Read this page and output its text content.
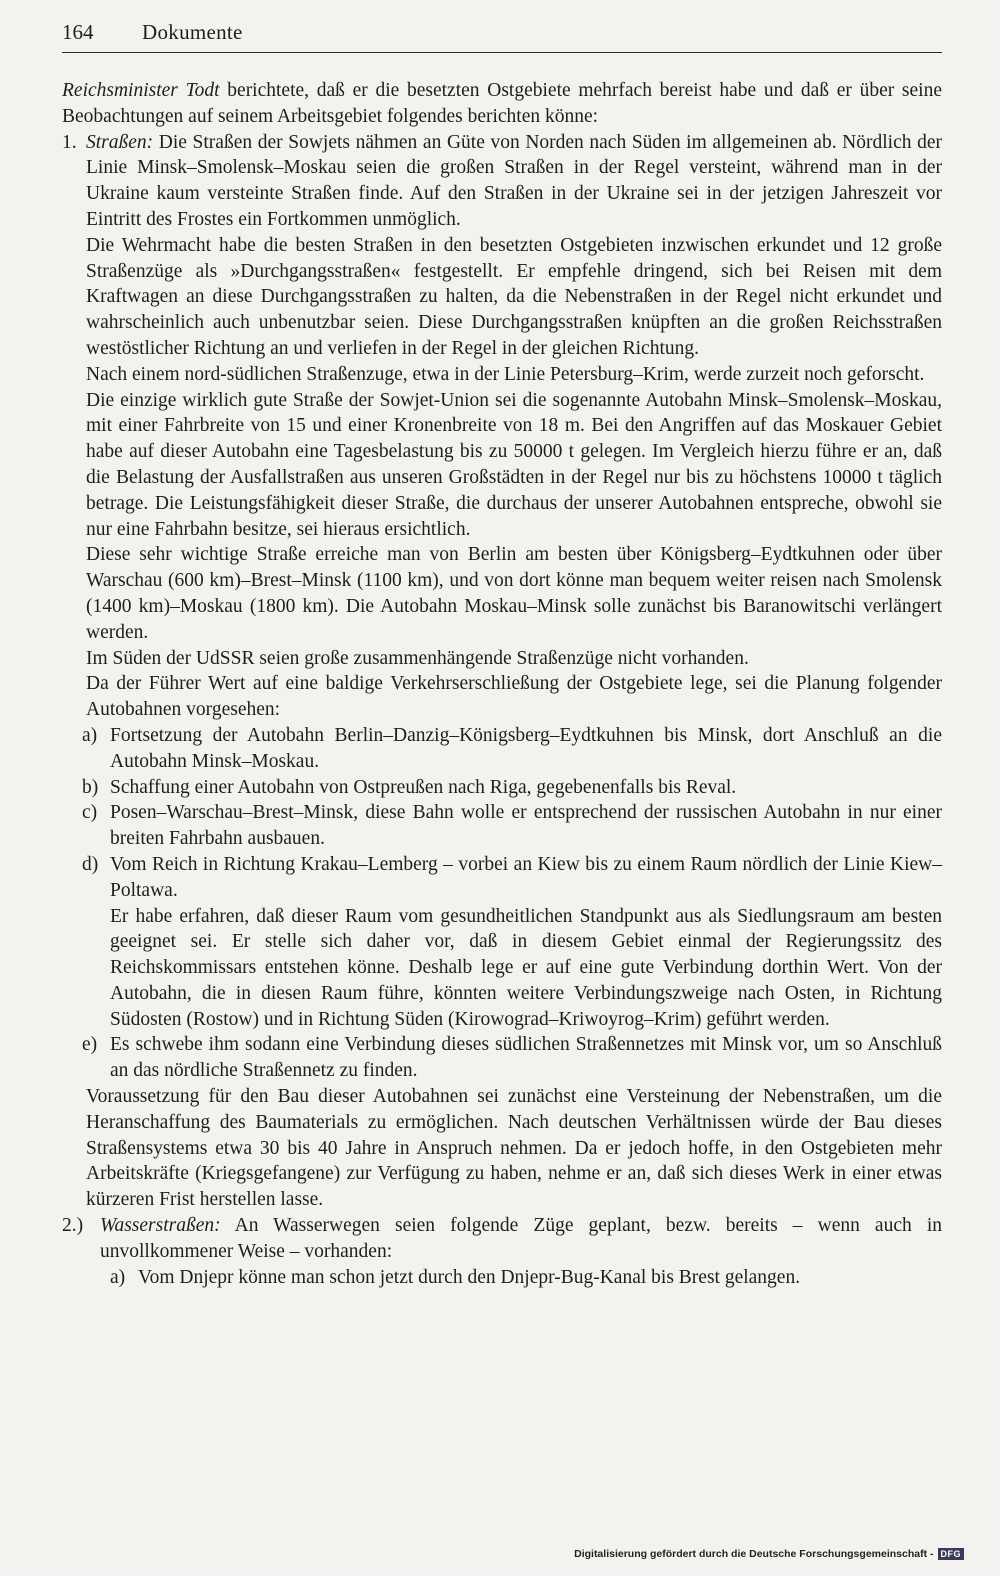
164 Dokumente

Reichsminister Todt berichtete, daß er die besetzten Ostgebiete mehrfach bereist habe und daß er über seine Beobachtungen auf seinem Arbeitsgebiet folgendes berichten könne:

1. Straßen: Die Straßen der Sowjets nähmen an Güte von Norden nach Süden im allgemeinen ab. Nördlich der Linie Minsk–Smolensk–Moskau seien die großen Straßen in der Regel versteint, während man in der Ukraine kaum versteinte Straßen finde. Auf den Straßen in der Ukraine sei in der jetzigen Jahreszeit vor Eintritt des Frostes ein Fortkommen unmöglich.

Die Wehrmacht habe die besten Straßen in den besetzten Ostgebieten inzwischen erkundet und 12 große Straßenzüge als »Durchgangsstraßen« festgestellt. Er empfehle dringend, sich bei Reisen mit dem Kraftwagen an diese Durchgangsstraßen zu halten, da die Nebenstraßen in der Regel nicht erkundet und wahrscheinlich auch unbenutzbar seien. Diese Durchgangsstraßen knüpften an die großen Reichsstraßen westöstlicher Richtung an und verliefen in der Regel in der gleichen Richtung.

Nach einem nord-südlichen Straßenzuge, etwa in der Linie Petersburg–Krim, werde zurzeit noch geforscht.

Die einzige wirklich gute Straße der Sowjet-Union sei die sogenannte Autobahn Minsk–Smolensk–Moskau, mit einer Fahrbreite von 15 und einer Kronenbreite von 18 m. Bei den Angriffen auf das Moskauer Gebiet habe auf dieser Autobahn eine Tagesbelastung bis zu 50000 t gelegen. Im Vergleich hierzu führe er an, daß die Belastung der Ausfallstraßen aus unseren Großstädten in der Regel nur bis zu höchstens 10000 t täglich betrage. Die Leistungsfähigkeit dieser Straße, die durchaus der unserer Autobahnen entspreche, obwohl sie nur eine Fahrbahn besitze, sei hieraus ersichtlich.

Diese sehr wichtige Straße erreiche man von Berlin am besten über Königsberg–Eydtkuhnen oder über Warschau (600 km)–Brest–Minsk (1100 km), und von dort könne man bequem weiter reisen nach Smolensk (1400 km)–Moskau (1800 km). Die Autobahn Moskau–Minsk solle zunächst bis Baranowitschi verlängert werden.

Im Süden der UdSSR seien große zusammenhängende Straßenzüge nicht vorhanden.

Da der Führer Wert auf eine baldige Verkehrserschließung der Ostgebiete lege, sei die Planung folgender Autobahnen vorgesehen:

a) Fortsetzung der Autobahn Berlin–Danzig–Königsberg–Eydtkuhnen bis Minsk, dort Anschluß an die Autobahn Minsk–Moskau.
b) Schaffung einer Autobahn von Ostpreußen nach Riga, gegebenenfalls bis Reval.
c) Posen–Warschau–Brest–Minsk, diese Bahn wolle er entsprechend der russischen Autobahn in nur einer breiten Fahrbahn ausbauen.
d) Vom Reich in Richtung Krakau–Lemberg – vorbei an Kiew bis zu einem Raum nördlich der Linie Kiew–Poltawa.

Er habe erfahren, daß dieser Raum vom gesundheitlichen Standpunkt aus als Siedlungsraum am besten geeignet sei. Er stelle sich daher vor, daß in diesem Gebiet einmal der Regierungssitz des Reichskommissars entstehen könne. Deshalb lege er auf eine gute Verbindung dorthin Wert. Von der Autobahn, die in diesen Raum führe, könnten weitere Verbindungszweige nach Osten, in Richtung Südosten (Rostow) und in Richtung Süden (Kirowograd–Kriwoyrog–Krim) geführt werden.

e) Es schwebe ihm sodann eine Verbindung dieses südlichen Straßennetzes mit Minsk vor, um so Anschluß an das nördliche Straßennetz zu finden.

Voraussetzung für den Bau dieser Autobahnen sei zunächst eine Versteinung der Nebenstraßen, um die Heranschaffung des Baumaterials zu ermöglichen. Nach deutschen Verhältnissen würde der Bau dieses Straßensystems etwa 30 bis 40 Jahre in Anspruch nehmen. Da er jedoch hoffe, in den Ostgebieten mehr Arbeitskräfte (Kriegsgefangene) zur Verfügung zu haben, nehme er an, daß sich dieses Werk in einer etwas kürzeren Frist herstellen lasse.

2.) Wasserstraßen: An Wasserwegen seien folgende Züge geplant, bezw. bereits – wenn auch in unvollkommener Weise – vorhanden:
a) Vom Dnjepr könne man schon jetzt durch den Dnjepr-Bug-Kanal bis Brest gelangen.
Digitalisierung gefördert durch die Deutsche Forschungsgemeinschaft - DFG
